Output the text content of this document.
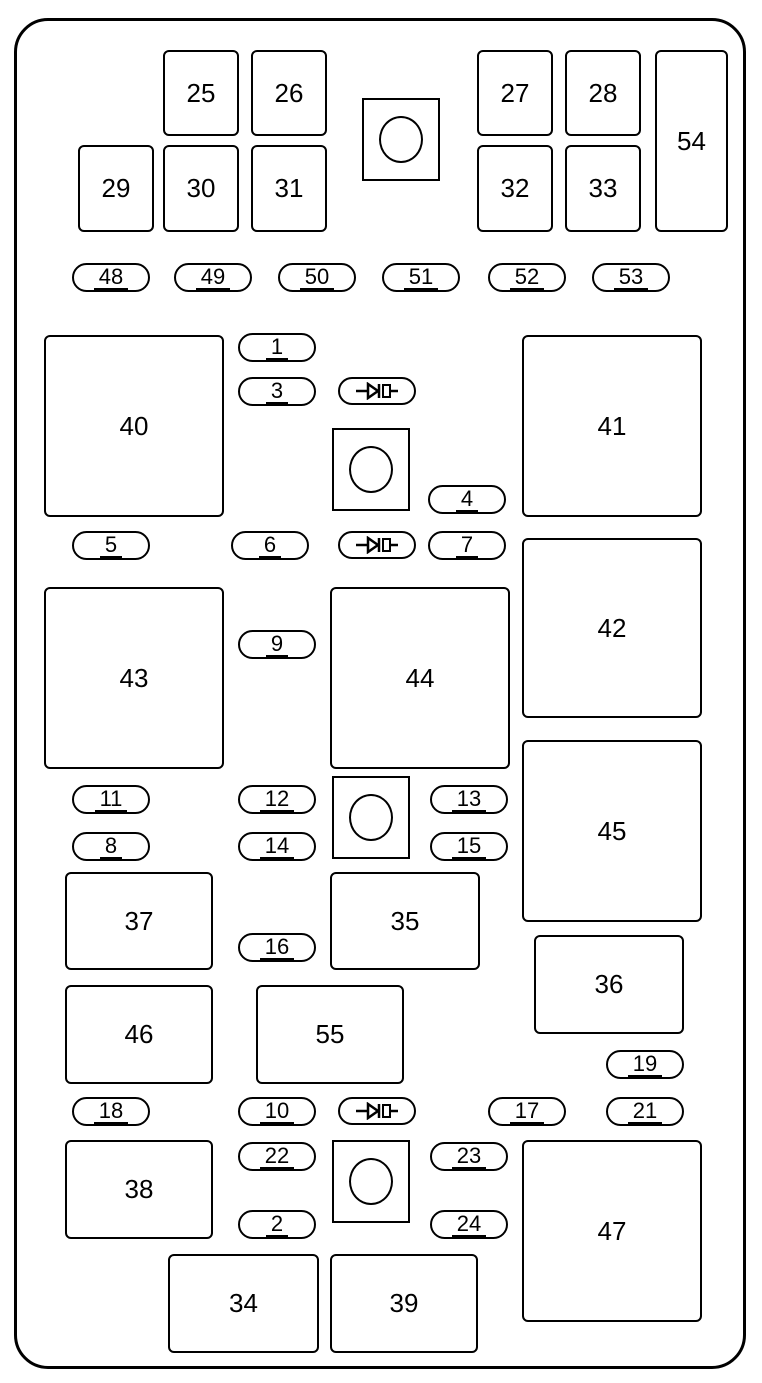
25 26	27 28
29 30 31	32 33
54
40	41
42
43	44
45
37	35
36
46	55
38
47
34	39
48	49	50	51	52	53
1
3
4
5	6	7
9
11	12	13
8	14	15
16
19
18	10	17	21
22	23
2	24
